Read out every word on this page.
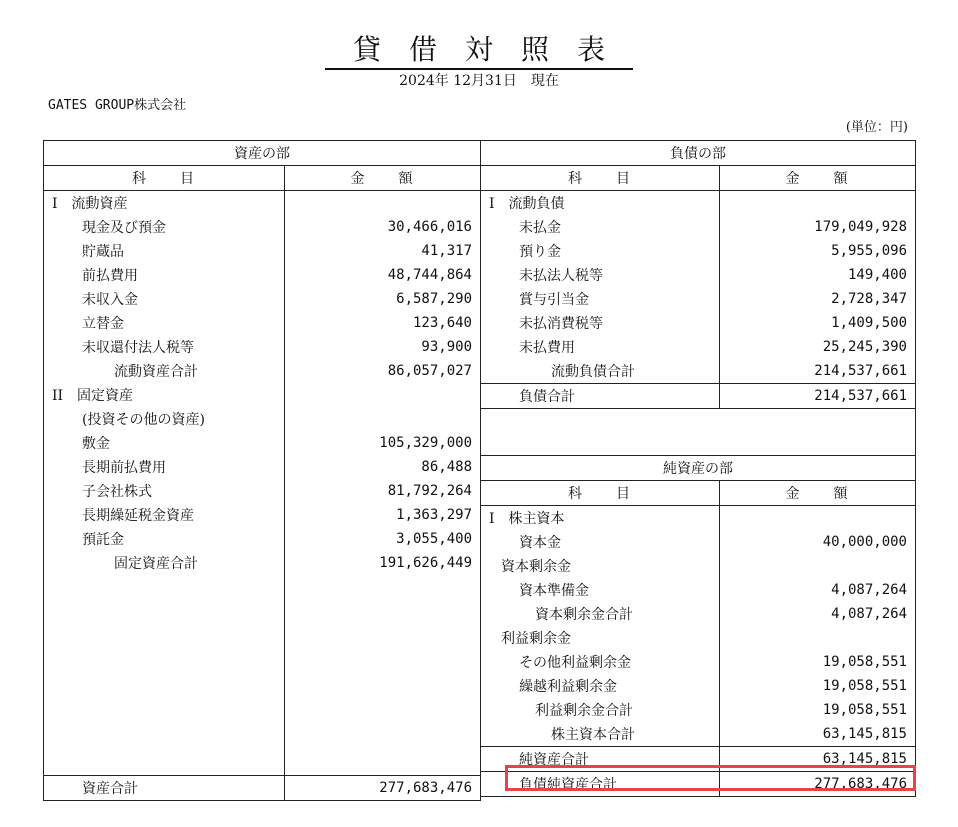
貸借対照表
2024年 12月31日　現在
GATES GROUP株式会社
(単位：円)
資産の部	
科　　目	金　　額
I　流動資産	
現金及び預金	30,466,016
貯蔵品	41,317
前払費用	48,744,864
未収入金	6,587,290
立替金	123,640
未収還付法人税等	93,900
流動資産合計	86,057,027
II　固定資産	
(投資その他の資産)	
敷金	105,329,000
長期前払費用	86,488
子会社株式	81,792,264
長期繰延税金資産	1,363,297
預託金	3,055,400
固定資産合計	191,626,449

資産合計	277,683,476
負債の部	
科　　目	金　　額
I　流動負債	
未払金	179,049,928
預り金	5,955,096
未払法人税等	149,400
賞与引当金	2,728,347
未払消費税等	1,409,500
未払費用	25,245,390
流動負債合計	214,537,661
負債合計	214,537,661

純資産の部	
科　　目	金　　額
I　株主資本	
資本金	40,000,000
資本剰余金	
資本準備金	4,087,264
資本剰余金合計	4,087,264
利益剰余金	
その他利益剰余金	19,058,551
繰越利益剰余金	19,058,551
利益剰余金合計	19,058,551
株主資本合計	63,145,815
純資産合計	63,145,815
負債純資産合計	277,683,476
